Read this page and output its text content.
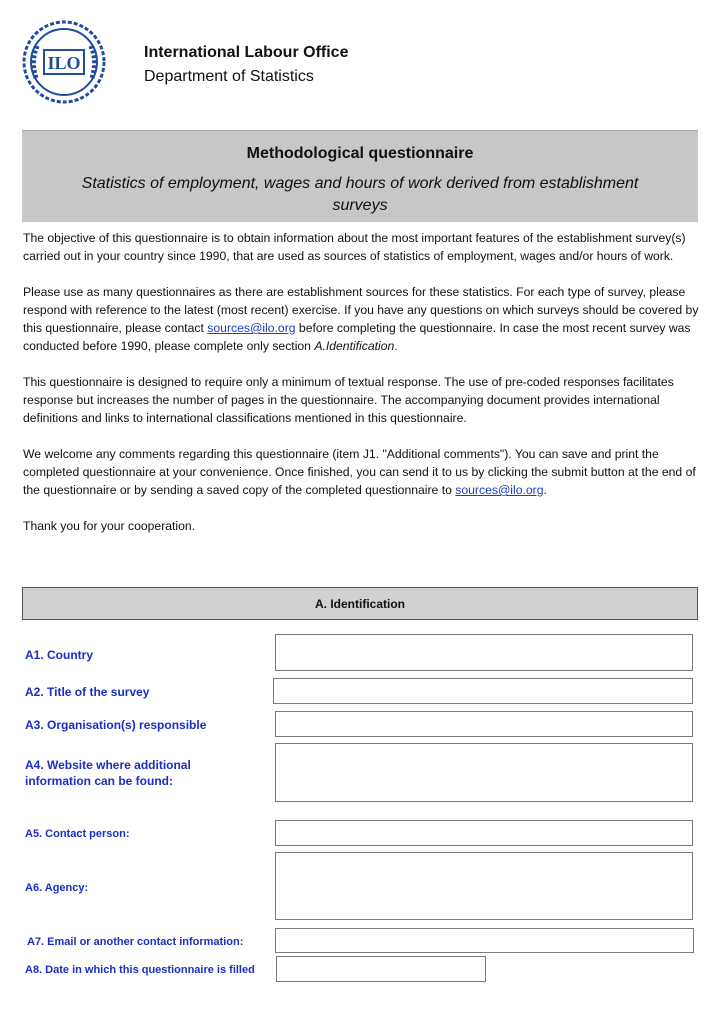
ILO
International Labour Office
Department of Statistics
Methodological questionnaire
Statistics of employment, wages and hours of work derived from establishment surveys

The objective of this questionnaire is to obtain information about the most important features of the establishment survey(s) carried out in your country since 1990, that are used as sources of statistics of employment, wages and/or hours of work.

Please use as many questionnaires as there are establishment sources for these statistics. For each type of survey, please respond with reference to the latest (most recent) exercise. If you have any questions on which surveys should be covered by this questionnaire, please contact sources@ilo.org before completing the questionnaire. In case the most recent survey was conducted before 1990, please complete only section A.Identification.

This questionnaire is designed to require only a minimum of textual response. The use of pre-coded responses facilitates response but increases the number of pages in the questionnaire. The accompanying document provides international definitions and links to international classifications mentioned in this questionnaire.

We welcome any comments regarding this questionnaire (item J1. "Additional comments"). You can save and print the completed questionnaire at your convenience. Once finished, you can send it to us by clicking the submit button at the end of the questionnaire or by sending a saved copy of the completed questionnaire to sources@ilo.org.

Thank you for your cooperation.

A. Identification
A1. Country
A2. Title of the survey
A3. Organisation(s) responsible
A4. Website where additional information can be found:
A5. Contact person:
A6. Agency:
A7. Email or another contact information:
A8. Date in which this questionnaire is filled
